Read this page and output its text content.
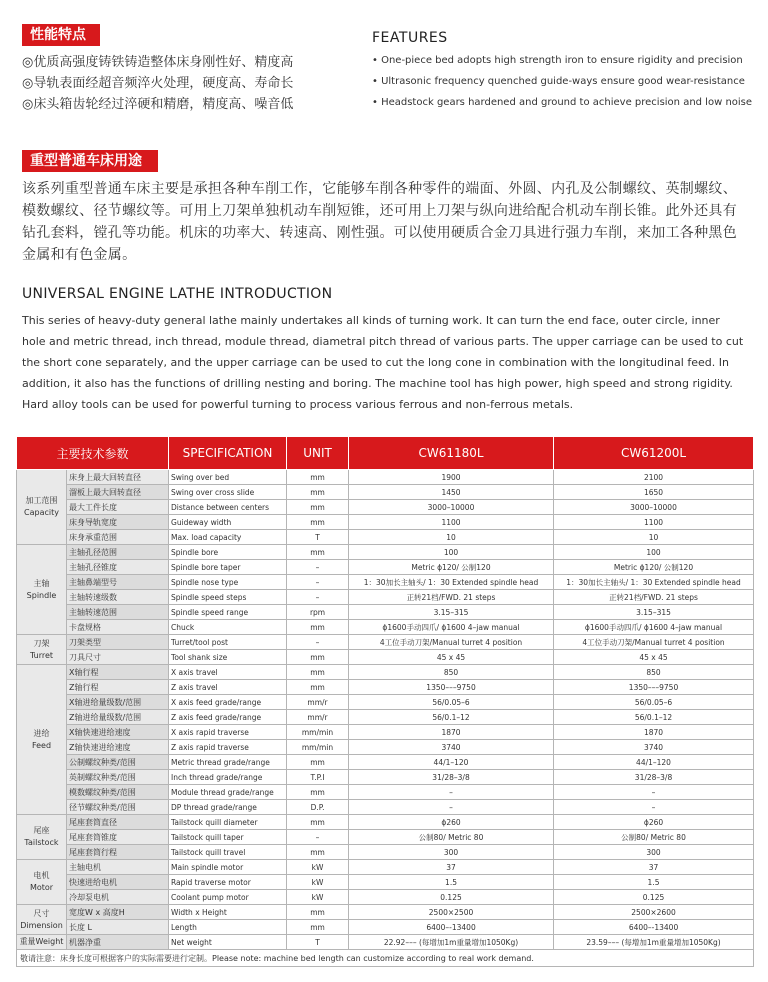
性能特点
◎优质高强度铸铁铸造整体床身刚性好、精度高
◎导轨表面经超音频淬火处理，硬度高、寿命长
◎床头箱齿轮经过淬硬和精磨，精度高、噪音低
FEATURES
• One-piece bed adopts high strength iron to ensure rigidity and precision
• Ultrasonic frequency quenched guide-ways ensure good wear-resistance
• Headstock gears hardened and ground to achieve precision and low noise
重型普通车床用途
该系列重型普通车床主要是承担各种车削工作，它能够车削各种零件的端面、外圆、内孔及公制螺纹、英制螺纹、模数螺纹、径节螺纹等。可用上刀架单独机动车削短锥，还可用上刀架与纵向进给配合机动车削长锥。此外还具有钻孔套料，镗孔等功能。机床的功率大、转速高、刚性强。可以使用硬质合金刀具进行强力车削，来加工各种黑色金属和有色金属。
UNIVERSAL ENGINE LATHE INTRODUCTION
This series of heavy-duty general lathe mainly undertakes all kinds of turning work. It can turn the end face, outer circle, inner hole and metric thread, inch thread, module thread, diametral pitch thread of various parts. The upper carriage can be used to cut the short cone separately, and the upper carriage can be used to cut the long cone in combination with the longitudinal feed. In addition, it also has the functions of drilling nesting and boring. The machine tool has high power, high speed and strong rigidity. Hard alloy tools can be used for powerful turning to process various ferrous and non-ferrous metals.
主要技术参数		SPECIFICATION	UNIT	CW61180L	CW61200L
加工范围
Capacity	床身上最大回转直径	Swing over bed	mm	1900	2100
	溜板上最大回转直径	Swing over cross slide	mm	1450	1650
	最大工件长度	Distance between centers	mm	3000–10000	3000–10000
	床身导轨宽度	Guideway width	mm	1100	1100
	床身承重范围	Max. load capacity	T	10	10
主轴
Spindle	主轴孔径范围	Spindle bore	mm	100	100
	主轴孔径锥度	Spindle bore taper	–	Metric ϕ120/ 公制120	Metric ϕ120/ 公制120
	主轴鼻端型号	Spindle nose type	–	1：30加长主轴头/ 1：30 Extended spindle head	1：30加长主轴头/ 1：30 Extended spindle head
	主轴转速级数	Spindle speed steps	–	正转21档/FWD. 21 steps	正转21档/FWD. 21 steps
	主轴转速范围	Spindle speed range	rpm	3.15–315	3.15–315
	卡盘规格	Chuck	mm	ϕ1600手动四爪/ ϕ1600 4–jaw manual	ϕ1600手动四爪/ ϕ1600 4–jaw manual
刀架
Turret	刀架类型	Turret/tool post	–	4工位手动刀架/Manual turret 4 position	4工位手动刀架/Manual turret 4 position
	刀具尺寸	Tool shank size	mm	45 x 45	45 x 45
进给
Feed	X轴行程	X axis travel	mm	850	850
	Z轴行程	Z axis travel	mm	1350–––9750	1350–––9750
	X轴进给量级数/范围	X axis feed grade/range	mm/r	56/0.05–6	56/0.05–6
	Z轴进给量级数/范围	Z axis feed grade/range	mm/r	56/0.1–12	56/0.1–12
	X轴快速进给速度	X axis rapid traverse	mm/min	1870	1870
	Z轴快速进给速度	Z axis rapid traverse	mm/min	3740	3740
	公制螺纹种类/范围	Metric thread grade/range	mm	44/1–120	44/1–120
	英制螺纹种类/范围	Inch thread grade/range	T.P.I	31/28–3/8	31/28–3/8
	模数螺纹种类/范围	Module thread grade/range	mm	–	–
	径节螺纹种类/范围	DP thread grade/range	D.P.	–	–
尾座
Tailstock	尾座套筒直径	Tailstock quill diameter	mm	ϕ260	ϕ260
	尾座套筒锥度	Tailstock quill taper	–	公制80/ Metric 80	公制80/ Metric 80
	尾座套筒行程	Tailstock quill travel	mm	300	300
电机
Motor	主轴电机	Main spindle motor	kW	37	37
	快速进给电机	Rapid traverse motor	kW	1.5	1.5
	冷却泵电机	Coolant pump motor	kW	0.125	0.125
尺寸
Dimension	宽度W x 高度H	Width x Height	mm	2500×2500	2500×2600
	长度 L	Length	mm	6400–-13400	6400–-13400
重量Weight	机器净重	Net weight	T	22.92––– (每增加1m重量增加1050Kg)	23.59––– (每增加1m重量增加1050Kg)
敬请注意：床身长度可根据客户的实际需要进行定制。Please note: machine bed length can customize according to real work demand.					
